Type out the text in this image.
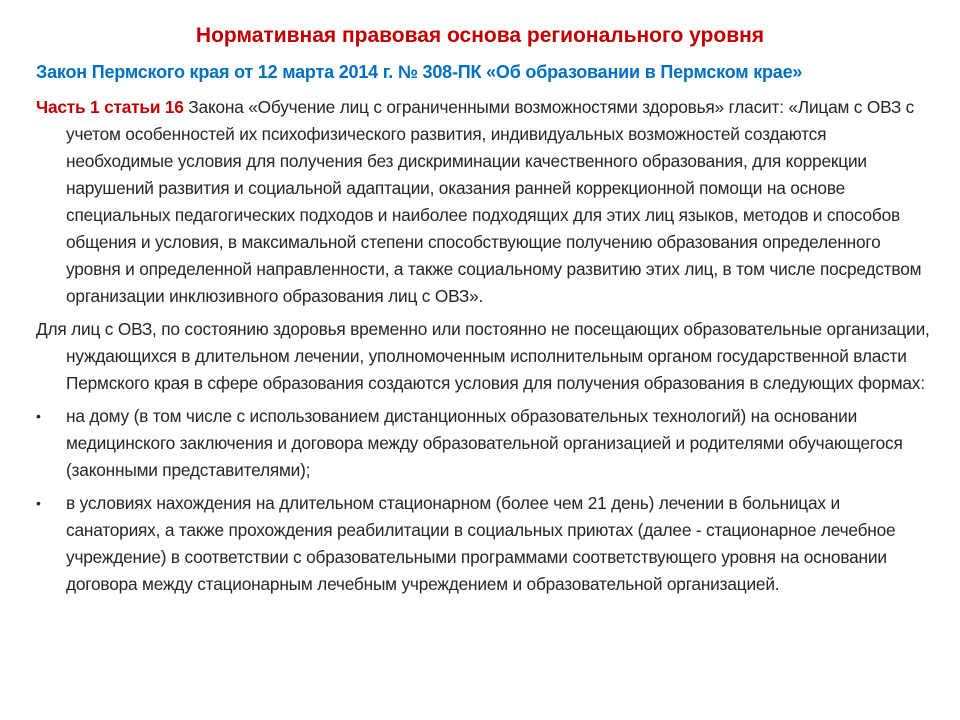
Нормативная правовая основа регионального уровня
Закон Пермского края от 12 марта 2014 г. № 308-ПК «Об образовании в Пермском крае»

Часть 1 статьи 16 Закона «Обучение лиц с ограниченными возможностями здоровья» гласит: «Лицам с ОВЗ с учетом особенностей их психофизического развития, индивидуальных возможностей создаются необходимые условия для получения без дискриминации качественного образования, для коррекции нарушений развития и социальной адаптации, оказания ранней коррекционной помощи на основе специальных педагогических подходов и наиболее подходящих для этих лиц языков, методов и способов общения и условия, в максимальной степени способствующие получению образования определенного уровня и определенной направленности, а также социальному развитию этих лиц, в том числе посредством организации инклюзивного образования лиц с ОВЗ».

Для лиц с ОВЗ, по состоянию здоровья временно или постоянно не посещающих образовательные организации, нуждающихся в длительном лечении, уполномоченным исполнительным органом государственной власти Пермского края в сфере образования создаются условия для получения образования в следующих формах:

•	на дому (в том числе с использованием дистанционных образовательных технологий) на основании медицинского заключения и договора между образовательной организацией и родителями обучающегося (законными представителями);
•	в условиях нахождения на длительном стационарном (более чем 21 день) лечении в больницах и санаториях, а также прохождения реабилитации в социальных приютах (далее - стационарное лечебное учреждение) в соответствии с образовательными программами соответствующего уровня на основании договора между стационарным лечебным учреждением и образовательной организацией.
